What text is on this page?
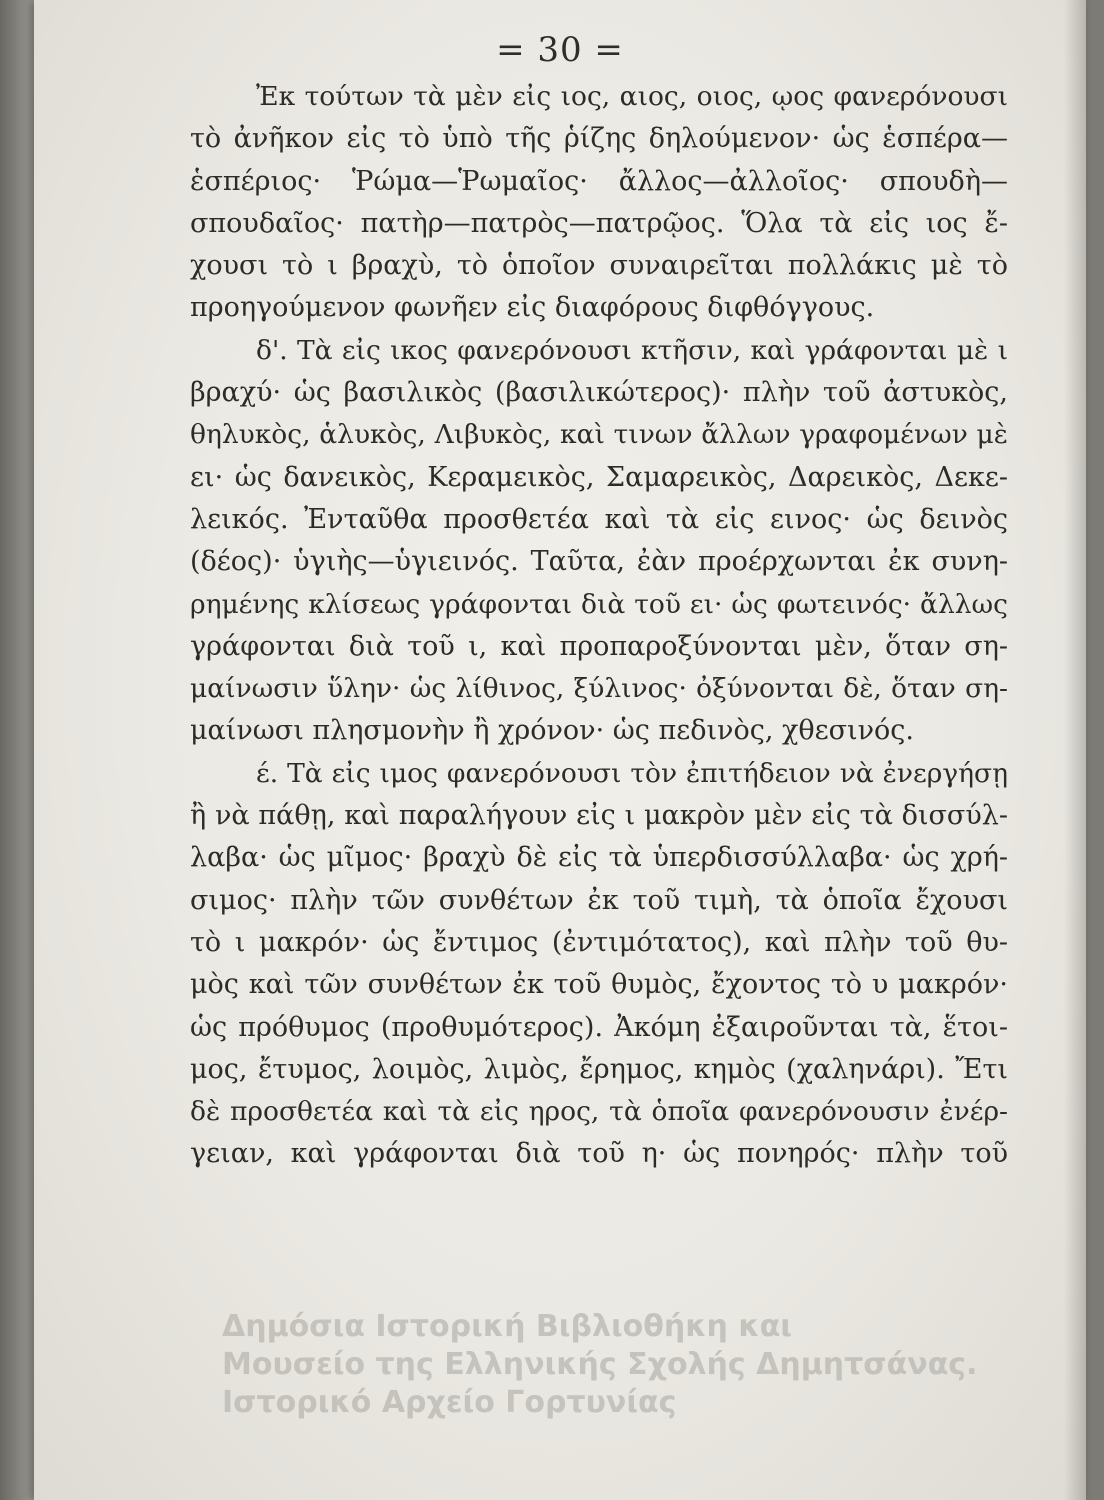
= 30 =
Ἐκ τούτων τὰ μὲν εἰς ιος, αιος, οιος, ῳος φανερόνουσι
τὸ ἀνῆκον εἰς τὸ ὑπὸ τῆς ῥίζης δηλούμενον· ὡς ἑσπέρα—
ἑσπέριος· Ῥώμα—Ῥωμαῖος· ἄλλος—ἀλλοῖος· σπουδὴ—
σπουδαῖος· πατὴρ—πατρὸς—πατρῷος. Ὅλα τὰ εἰς ιος ἔ-
χουσι τὸ ι βραχὺ, τὸ ὁποῖον συναιρεῖται πολλάκις μὲ τὸ
προηγούμενον φωνῆεν εἰς διαφόρους διφθόγγους.
δ'. Τὰ εἰς ικος φανερόνουσι κτῆσιν, καὶ γράφονται μὲ ι
βραχύ· ὡς βασιλικὸς (βασιλικώτερος)· πλὴν τοῦ ἀστυκὸς,
θηλυκὸς, ἁλυκὸς, Λιβυκὸς, καὶ τινων ἄλλων γραφομένων μὲ
ει· ὡς δανεικὸς, Κεραμεικὸς, Σαμαρεικὸς, Δαρεικὸς, Δεκε-
λεικός. Ἐνταῦθα προσθετέα καὶ τὰ εἰς εινος· ὡς δεινὸς
(δέος)· ὑγιὴς—ὑγιεινός. Ταῦτα, ἐὰν προέρχωνται ἐκ συνη-
ρημένης κλίσεως γράφονται διὰ τοῦ ει· ὡς φωτεινός· ἄλλως
γράφονται διὰ τοῦ ι, καὶ προπαροξύνονται μὲν, ὅταν ση-
μαίνωσιν ὕλην· ὡς λίθινος, ξύλινος· ὀξύνονται δὲ, ὅταν ση-
μαίνωσι πλησμονὴν ἢ χρόνον· ὡς πεδινὸς, χθεσινός.
έ. Τὰ εἰς ιμος φανερόνουσι τὸν ἐπιτήδειον νὰ ἐνεργήσῃ
ἢ νὰ πάθῃ, καὶ παραλήγουν εἰς ι μακρὸν μὲν εἰς τὰ δισσύλ-
λαβα· ὡς μῖμος· βραχὺ δὲ εἰς τὰ ὑπερδισσύλλαβα· ὡς χρή-
σιμος· πλὴν τῶν συνθέτων ἐκ τοῦ τιμὴ, τὰ ὁποῖα ἔχουσι
τὸ ι μακρόν· ὡς ἔντιμος (ἐντιμότατος), καὶ πλὴν τοῦ θυ-
μὸς καὶ τῶν συνθέτων ἐκ τοῦ θυμὸς, ἔχοντος τὸ υ μακρόν·
ὡς πρόθυμος (προθυμότερος). Ἀκόμη ἐξαιροῦνται τὰ, ἕτοι-
μος, ἔτυμος, λοιμὸς, λιμὸς, ἔρημος, κημὸς (χαληνάρι). Ἔτι
δὲ προσθετέα καὶ τὰ εἰς ηρος, τὰ ὁποῖα φανερόνουσιν ἐνέρ-
γειαν, καὶ γράφονται διὰ τοῦ η· ὡς πονηρός· πλὴν τοῦ
Δημόσια Ιστορική Βιβλιοθήκη και
Μουσείο της Ελληνικής Σχολής Δημητσάνας.
Ιστορικό Αρχείο Γορτυνίας
